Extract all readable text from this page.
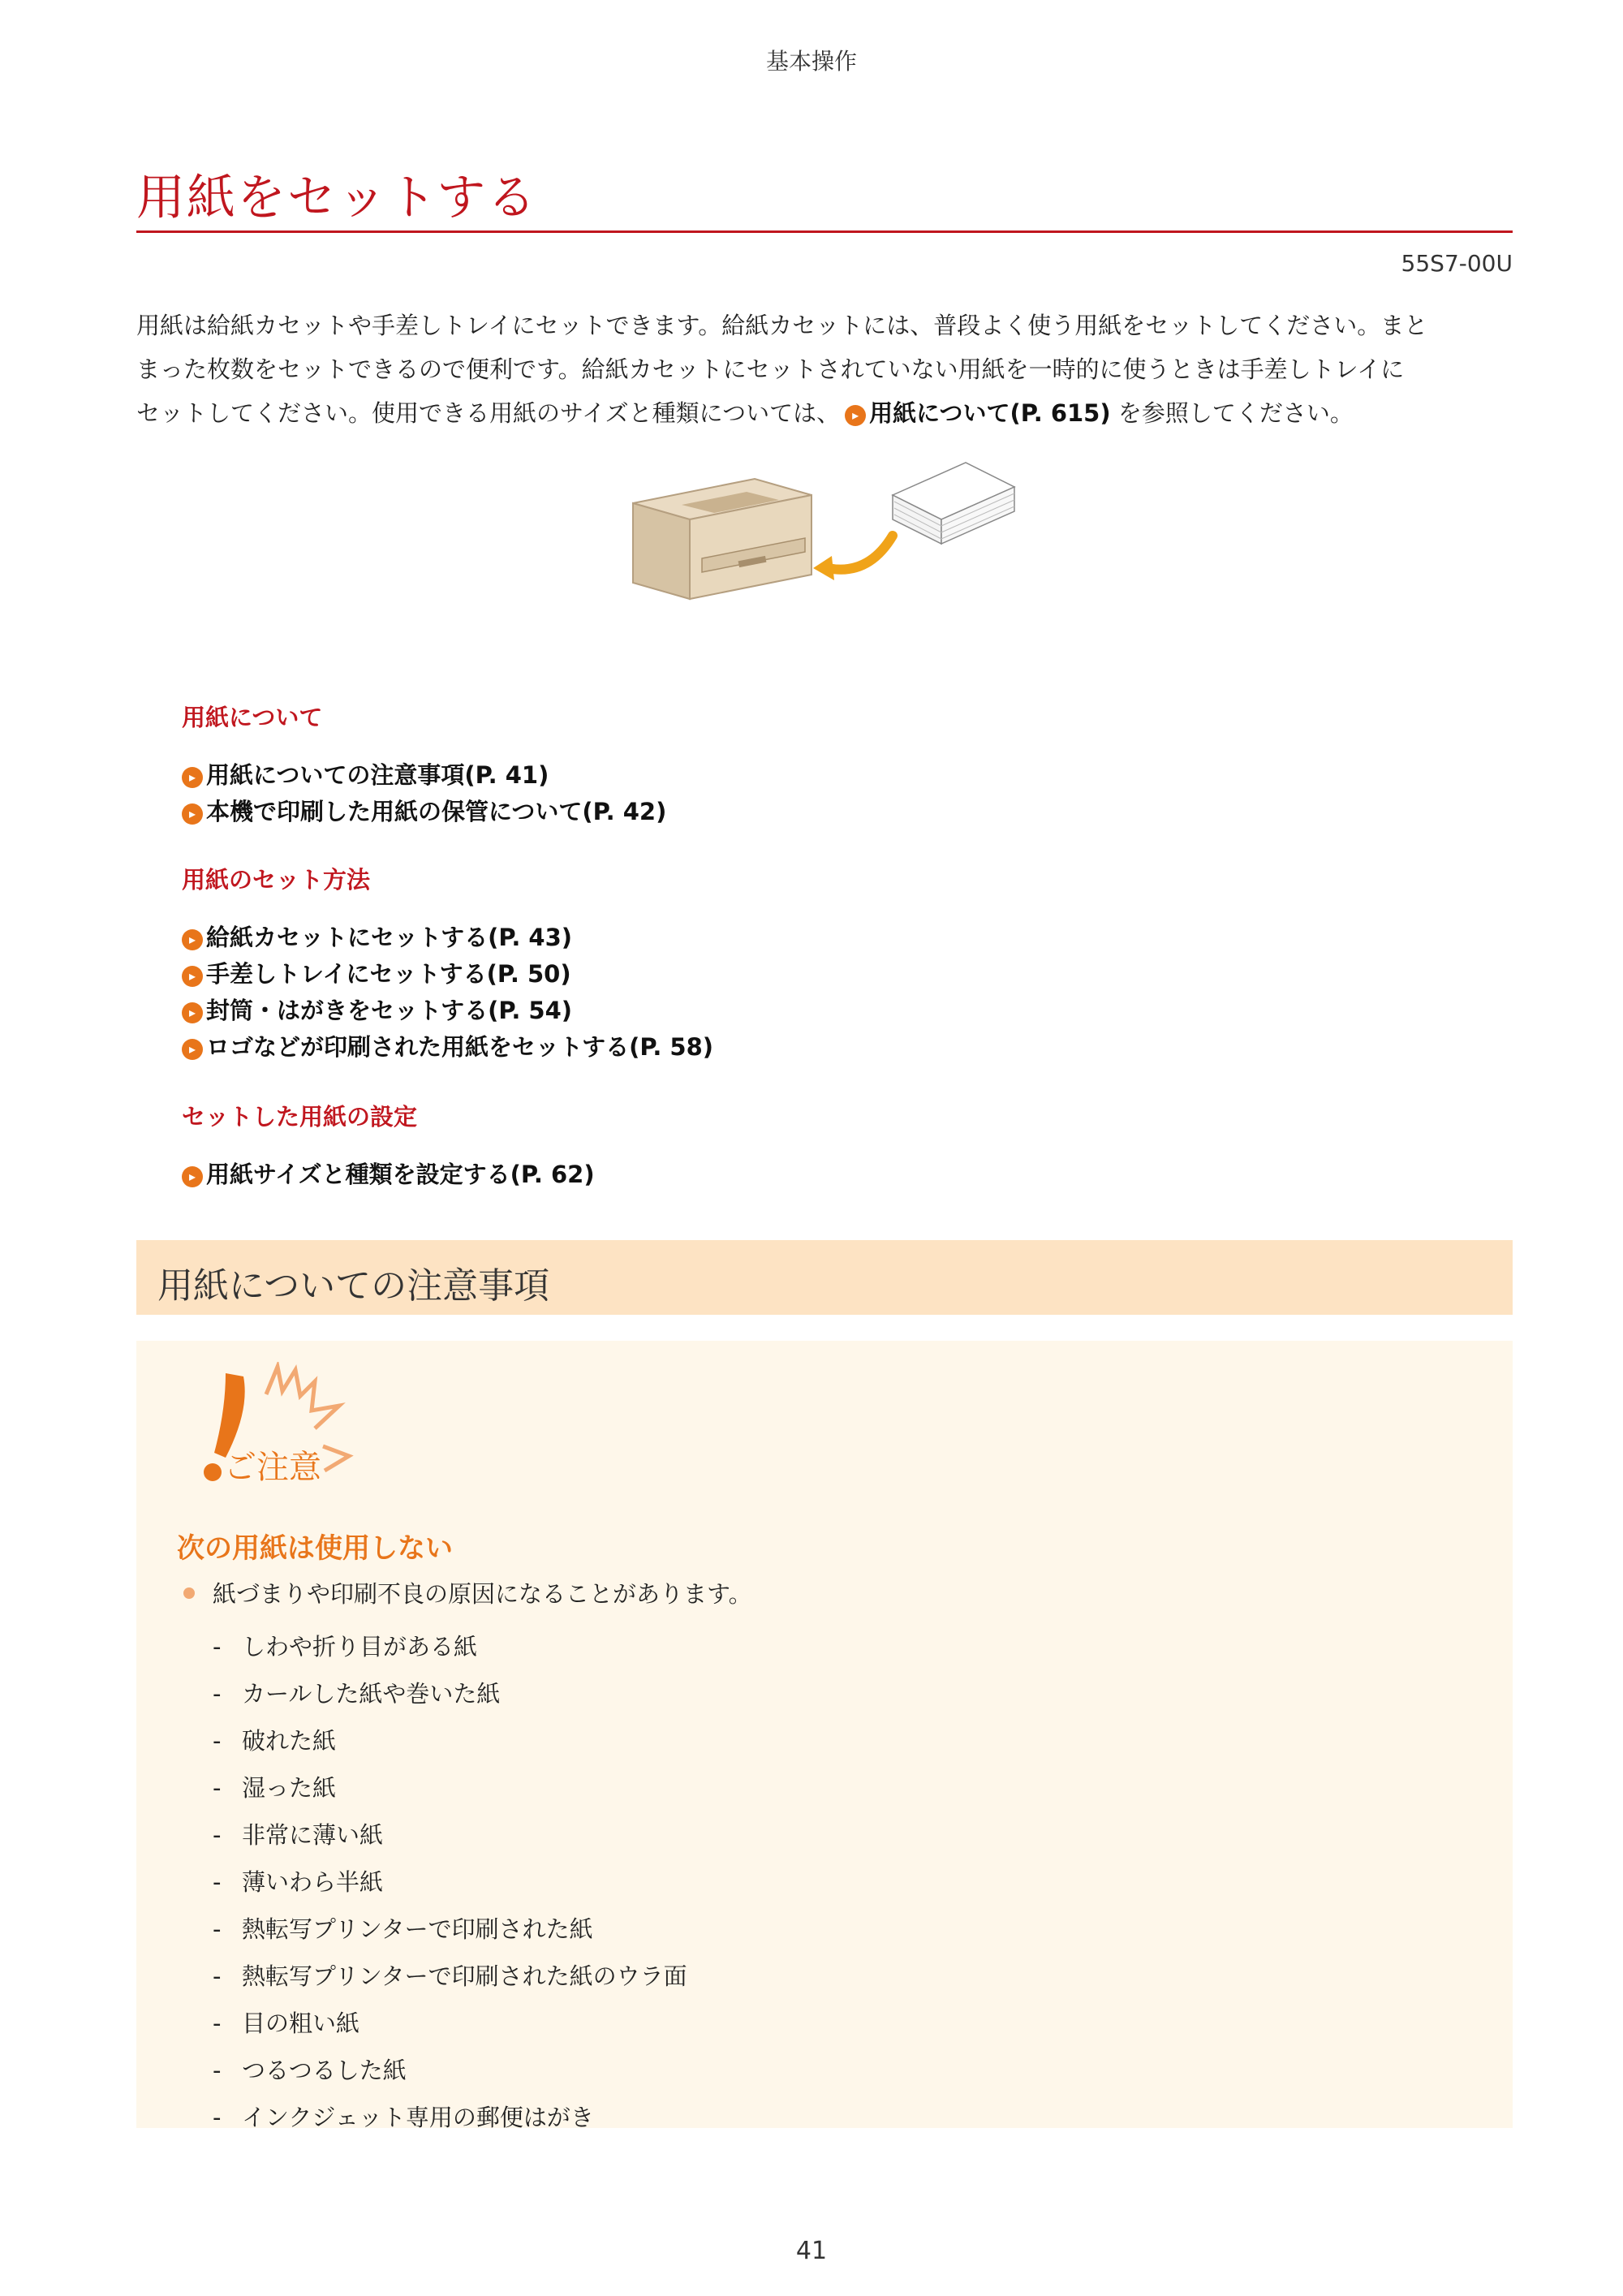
基本操作
用紙をセットする
55S7-00U
用紙は給紙カセットや手差しトレイにセットできます。給紙カセットには、普段よく使う用紙をセットしてください。まと
まった枚数をセットできるので便利です。給紙カセットにセットされていない用紙を一時的に使うときは手差しトレイに
セットしてください。使用できる用紙のサイズと種類については、 ▸ 用紙について(P. 615) を参照してください。
用紙について
▸ 用紙についての注意事項(P. 41)
▸ 本機で印刷した用紙の保管について(P. 42)
用紙のセット方法
▸ 給紙カセットにセットする(P. 43)
▸ 手差しトレイにセットする(P. 50)
▸ 封筒・はがきをセットする(P. 54)
▸ ロゴなどが印刷された用紙をセットする(P. 58)
セットした用紙の設定
▸ 用紙サイズと種類を設定する(P. 62)
用紙についての注意事項
ご注意
次の用紙は使用しない
紙づまりや印刷不良の原因になることがあります。
- しわや折り目がある紙
- カールした紙や巻いた紙
- 破れた紙
- 湿った紙
- 非常に薄い紙
- 薄いわら半紙
- 熱転写プリンターで印刷された紙
- 熱転写プリンターで印刷された紙のウラ面
- 目の粗い紙
- つるつるした紙
- インクジェット専用の郵便はがき
41
